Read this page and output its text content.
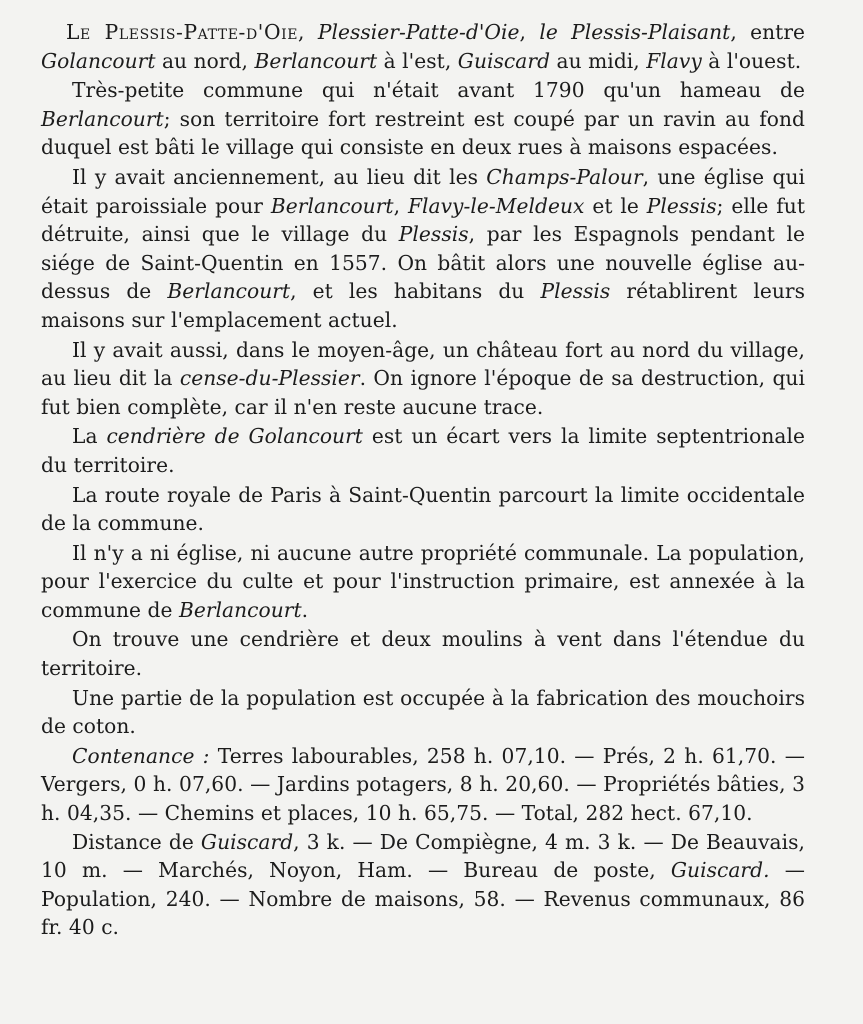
Le Plessis-Patte-d'Oie, Plessier-Patte-d'Oie, le Plessis-Plaisant, entre Golancourt au nord, Berlancourt à l'est, Guiscard au midi, Flavy à l'ouest.

Très-petite commune qui n'était avant 1790 qu'un hameau de Berlancourt; son territoire fort restreint est coupé par un ravin au fond duquel est bâti le village qui consiste en deux rues à maisons espacées.

Il y avait anciennement, au lieu dit les Champs-Palour, une église qui était paroissiale pour Berlancourt, Flavy-le-Meldeux et le Plessis; elle fut détruite, ainsi que le village du Plessis, par les Espagnols pendant le siége de Saint-Quentin en 1557. On bâtit alors une nouvelle église au-dessus de Berlancourt, et les habitans du Plessis rétablirent leurs maisons sur l'emplacement actuel.

Il y avait aussi, dans le moyen-âge, un château fort au nord du village, au lieu dit la cense-du-Plessier. On ignore l'époque de sa destruction, qui fut bien complète, car il n'en reste aucune trace.

La cendrière de Golancourt est un écart vers la limite septentrionale du territoire.

La route royale de Paris à Saint-Quentin parcourt la limite occidentale de la commune.

Il n'y a ni église, ni aucune autre propriété communale. La population, pour l'exercice du culte et pour l'instruction primaire, est annexée à la commune de Berlancourt.

On trouve une cendrière et deux moulins à vent dans l'étendue du territoire.

Une partie de la population est occupée à la fabrication des mouchoirs de coton.

Contenance : Terres labourables, 258 h. 07,10. — Prés, 2 h. 61,70. — Vergers, 0 h. 07,60. — Jardins potagers, 8 h. 20,60. — Propriétés bâties, 3 h. 04,35. — Chemins et places, 10 h. 65,75. — Total, 282 hect. 67,10.

Distance de Guiscard, 3 k. — De Compiègne, 4 m. 3 k. — De Beauvais, 10 m. — Marchés, Noyon, Ham. — Bureau de poste, Guiscard. — Population, 240. — Nombre de maisons, 58. — Revenus communaux, 86 fr. 40 c.
